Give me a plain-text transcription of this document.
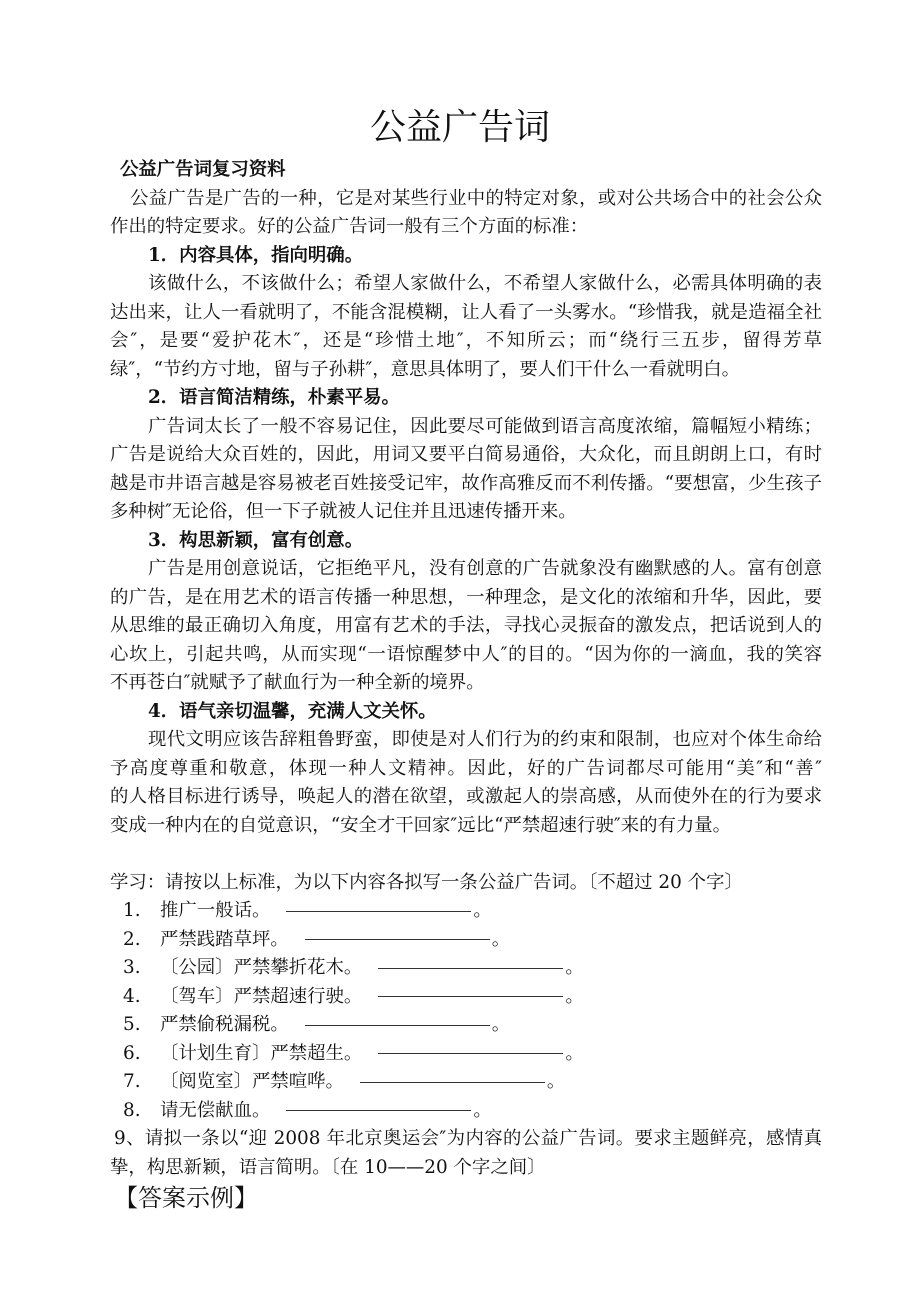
公益广告词
公益广告词复习资料
公益广告是广告的一种，它是对某些行业中的特定对象，或对公共场合中的社会公众
作出的特定要求。好的公益广告词一般有三个方面的标准：
1．内容具体，指向明确。
该做什么，不该做什么；希望人家做什么，不希望人家做什么，必需具体明确的表
达出来，让人一看就明了，不能含混模糊，让人看了一头雾水。“珍惜我，就是造福全社
会″，是要“爱护花木″，还是“珍惜土地″，不知所云；而“绕行三五步，留得芳草
绿″，“节约方寸地，留与子孙耕″，意思具体明了，要人们干什么一看就明白。
2．语言简洁精练，朴素平易。
广告词太长了一般不容易记住，因此要尽可能做到语言高度浓缩，篇幅短小精练；
广告是说给大众百姓的，因此，用词又要平白简易通俗，大众化，而且朗朗上口，有时
越是市井语言越是容易被老百姓接受记牢，故作高雅反而不利传播。“要想富，少生孩子
多种树″无论俗，但一下子就被人记住并且迅速传播开来。
3．构思新颖，富有创意。
广告是用创意说话，它拒绝平凡，没有创意的广告就象没有幽默感的人。富有创意
的广告，是在用艺术的语言传播一种思想，一种理念，是文化的浓缩和升华，因此，要
从思维的最正确切入角度，用富有艺术的手法，寻找心灵振奋的激发点，把话说到人的
心坎上，引起共鸣，从而实现“一语惊醒梦中人″的目的。“因为你的一滴血，我的笑容
不再苍白″就赋予了献血行为一种全新的境界。
4．语气亲切温馨，充满人文关怀。
现代文明应该告辞粗鲁野蛮，即使是对人们行为的约束和限制，也应对个体生命给
予高度尊重和敬意，体现一种人文精神。因此，好的广告词都尽可能用“美″和“善″
的人格目标进行诱导，唤起人的潜在欲望，或激起人的崇高感，从而使外在的行为要求
变成一种内在的自觉意识，“安全才干回家″远比“严禁超速行驶″来的有力量。
学习：请按以上标准，为以下内容各拟写一条公益广告词。〔不超过 20 个字〕
1. 推广一般话。	。
2. 严禁践踏草坪。	。
3. 〔公园〕严禁攀折花木。	。
4. 〔驾车〕严禁超速行驶。	。
5. 严禁偷税漏税。	。
6. 〔计划生育〕严禁超生。	。
7. 〔阅览室〕严禁喧哗。	。
8. 请无偿献血。	。
9、请拟一条以“迎 2008 年北京奥运会″为内容的公益广告词。要求主题鲜亮，感情真
挚，构思新颖，语言简明。〔在 10——20 个字之间〕
【答案示例】
